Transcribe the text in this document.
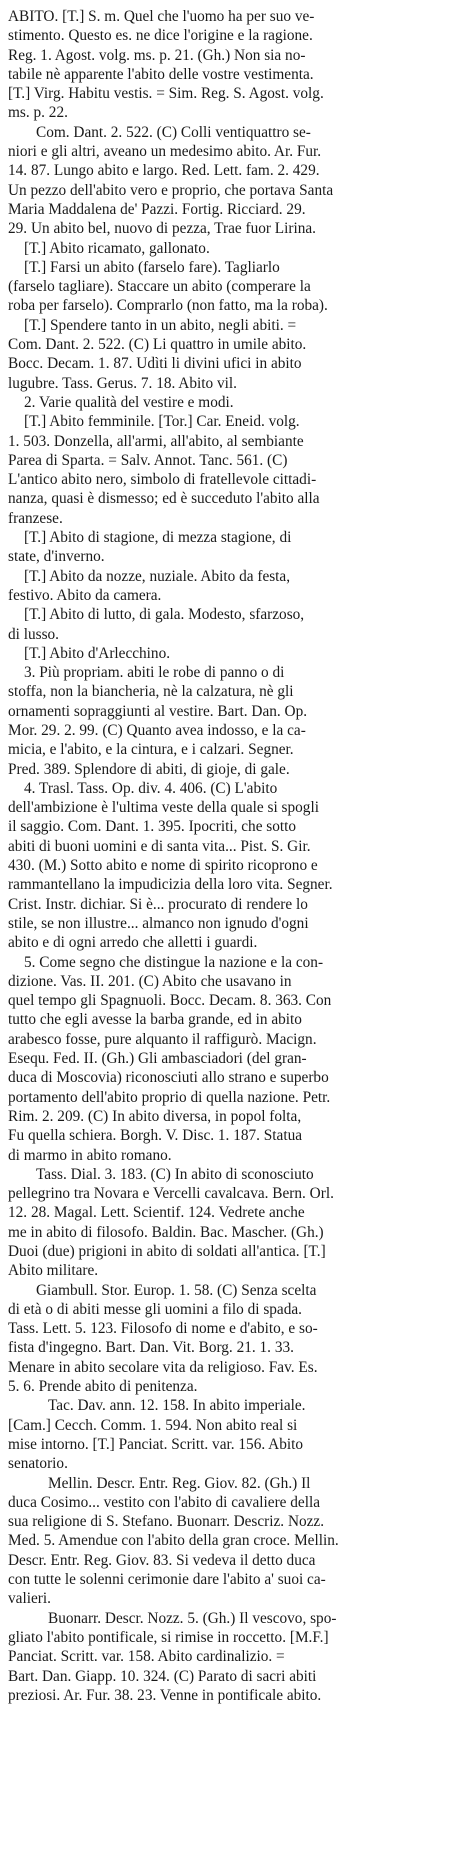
ABITO. [T.] S. m. Quel che l'uomo ha per suo ve-
stimento. Questo es. ne dice l'origine e la ragione.
Reg. 1. Agost. volg. ms. p. 21. (Gh.) Non sia no-
tabile nè apparente l'abito delle vostre vestimenta.
[T.] Virg. Habitu vestis. = Sim. Reg. S. Agost. volg.
ms. p. 22.
Com. Dant. 2. 522. (C) Colli ventiquattro se-
niori e gli altri, aveano un medesimo abito. Ar. Fur.
14. 87. Lungo abito e largo. Red. Lett. fam. 2. 429.
Un pezzo dell'abito vero e proprio, che portava Santa
Maria Maddalena de' Pazzi. Fortig. Ricciard. 29.
29. Un abito bel, nuovo di pezza, Trae fuor Lirina.
[T.] Abito ricamato, gallonato.
[T.] Farsi un abito (farselo fare). Tagliarlo
(farselo tagliare). Staccare un abito (comperare la
roba per farselo). Comprarlo (non fatto, ma la roba).
[T.] Spendere tanto in un abito, negli abiti. =
Com. Dant. 2. 522. (C) Li quattro in umile abito.
Bocc. Decam. 1. 87. Udìti li divini ufici in abito
lugubre. Tass. Gerus. 7. 18. Abito vil.
2. Varie qualità del vestire e modi.
[T.] Abito femminile. [Tor.] Car. Eneid. volg.
1. 503. Donzella, all'armi, all'abito, al sembiante
Parea di Sparta. = Salv. Annot. Tanc. 561. (C)
L'antico abito nero, simbolo di fratellevole cittadi-
nanza, quasi è dismesso; ed è succeduto l'abito alla
franzese.
[T.] Abito di stagione, di mezza stagione, di
state, d'inverno.
[T.] Abito da nozze, nuziale. Abito da festa,
festivo. Abito da camera.
[T.] Abito di lutto, di gala. Modesto, sfarzoso,
di lusso.
[T.] Abito d'Arlecchino.
3. Più propriam. abiti le robe di panno o di
stoffa, non la biancheria, nè la calzatura, nè gli
ornamenti sopraggiunti al vestire. Bart. Dan. Op.
Mor. 29. 2. 99. (C) Quanto avea indosso, e la ca-
micia, e l'abito, e la cintura, e i calzari. Segner.
Pred. 389. Splendore di abiti, di gioje, di gale.
4. Trasl. Tass. Op. div. 4. 406. (C) L'abito
dell'ambizione è l'ultima veste della quale si spogli
il saggio. Com. Dant. 1. 395. Ipocriti, che sotto
abiti di buoni uomini e di santa vita... Pist. S. Gir.
430. (M.) Sotto abito e nome di spirito ricoprono e
rammantellano la impudicizia della loro vita. Segner.
Crist. Instr. dichiar. Si è... procurato di rendere lo
stile, se non illustre... almanco non ignudo d'ogni
abito e di ogni arredo che alletti i guardi.
5. Come segno che distingue la nazione e la con-
dizione. Vas. II. 201. (C) Abito che usavano in
quel tempo gli Spagnuoli. Bocc. Decam. 8. 363. Con
tutto che egli avesse la barba grande, ed in abito
arabesco fosse, pure alquanto il raffigurò. Macign.
Esequ. Fed. II. (Gh.) Gli ambasciadori (del gran-
duca di Moscovia) riconosciuti allo strano e superbo
portamento dell'abito proprio di quella nazione. Petr.
Rim. 2. 209. (C) In abito diversa, in popol folta,
Fu quella schiera. Borgh. V. Disc. 1. 187. Statua
di marmo in abito romano.
Tass. Dial. 3. 183. (C) In abito di sconosciuto
pellegrino tra Novara e Vercelli cavalcava. Bern. Orl.
12. 28. Magal. Lett. Scientif. 124. Vedrete anche
me in abito di filosofo. Baldin. Bac. Mascher. (Gh.)
Duoi (due) prigioni in abito di soldati all'antica. [T.]
Abito militare.
Giambull. Stor. Europ. 1. 58. (C) Senza scelta
di età o di abiti messe gli uomini a filo di spada.
Tass. Lett. 5. 123. Filosofo di nome e d'abito, e so-
fista d'ingegno. Bart. Dan. Vit. Borg. 21. 1. 33.
Menare in abito secolare vita da religioso. Fav. Es.
5. 6. Prende abito di penitenza.
Tac. Dav. ann. 12. 158. In abito imperiale.
[Cam.] Cecch. Comm. 1. 594. Non abito real si
mise intorno. [T.] Panciat. Scritt. var. 156. Abito
senatorio.
Mellin. Descr. Entr. Reg. Giov. 82. (Gh.) Il
duca Cosimo... vestito con l'abito di cavaliere della
sua religione di S. Stefano. Buonarr. Descriz. Nozz.
Med. 5. Amendue con l'abito della gran croce. Mellin.
Descr. Entr. Reg. Giov. 83. Si vedeva il detto duca
con tutte le solenni cerimonie dare l'abito a' suoi ca-
valieri.
Buonarr. Descr. Nozz. 5. (Gh.) Il vescovo, spo-
gliato l'abito pontificale, si rimise in roccetto. [M.F.]
Panciat. Scritt. var. 158. Abito cardinalizio. =
Bart. Dan. Giapp. 10. 324. (C) Parato di sacri abiti
preziosi. Ar. Fur. 38. 23. Venne in pontificale abito.
